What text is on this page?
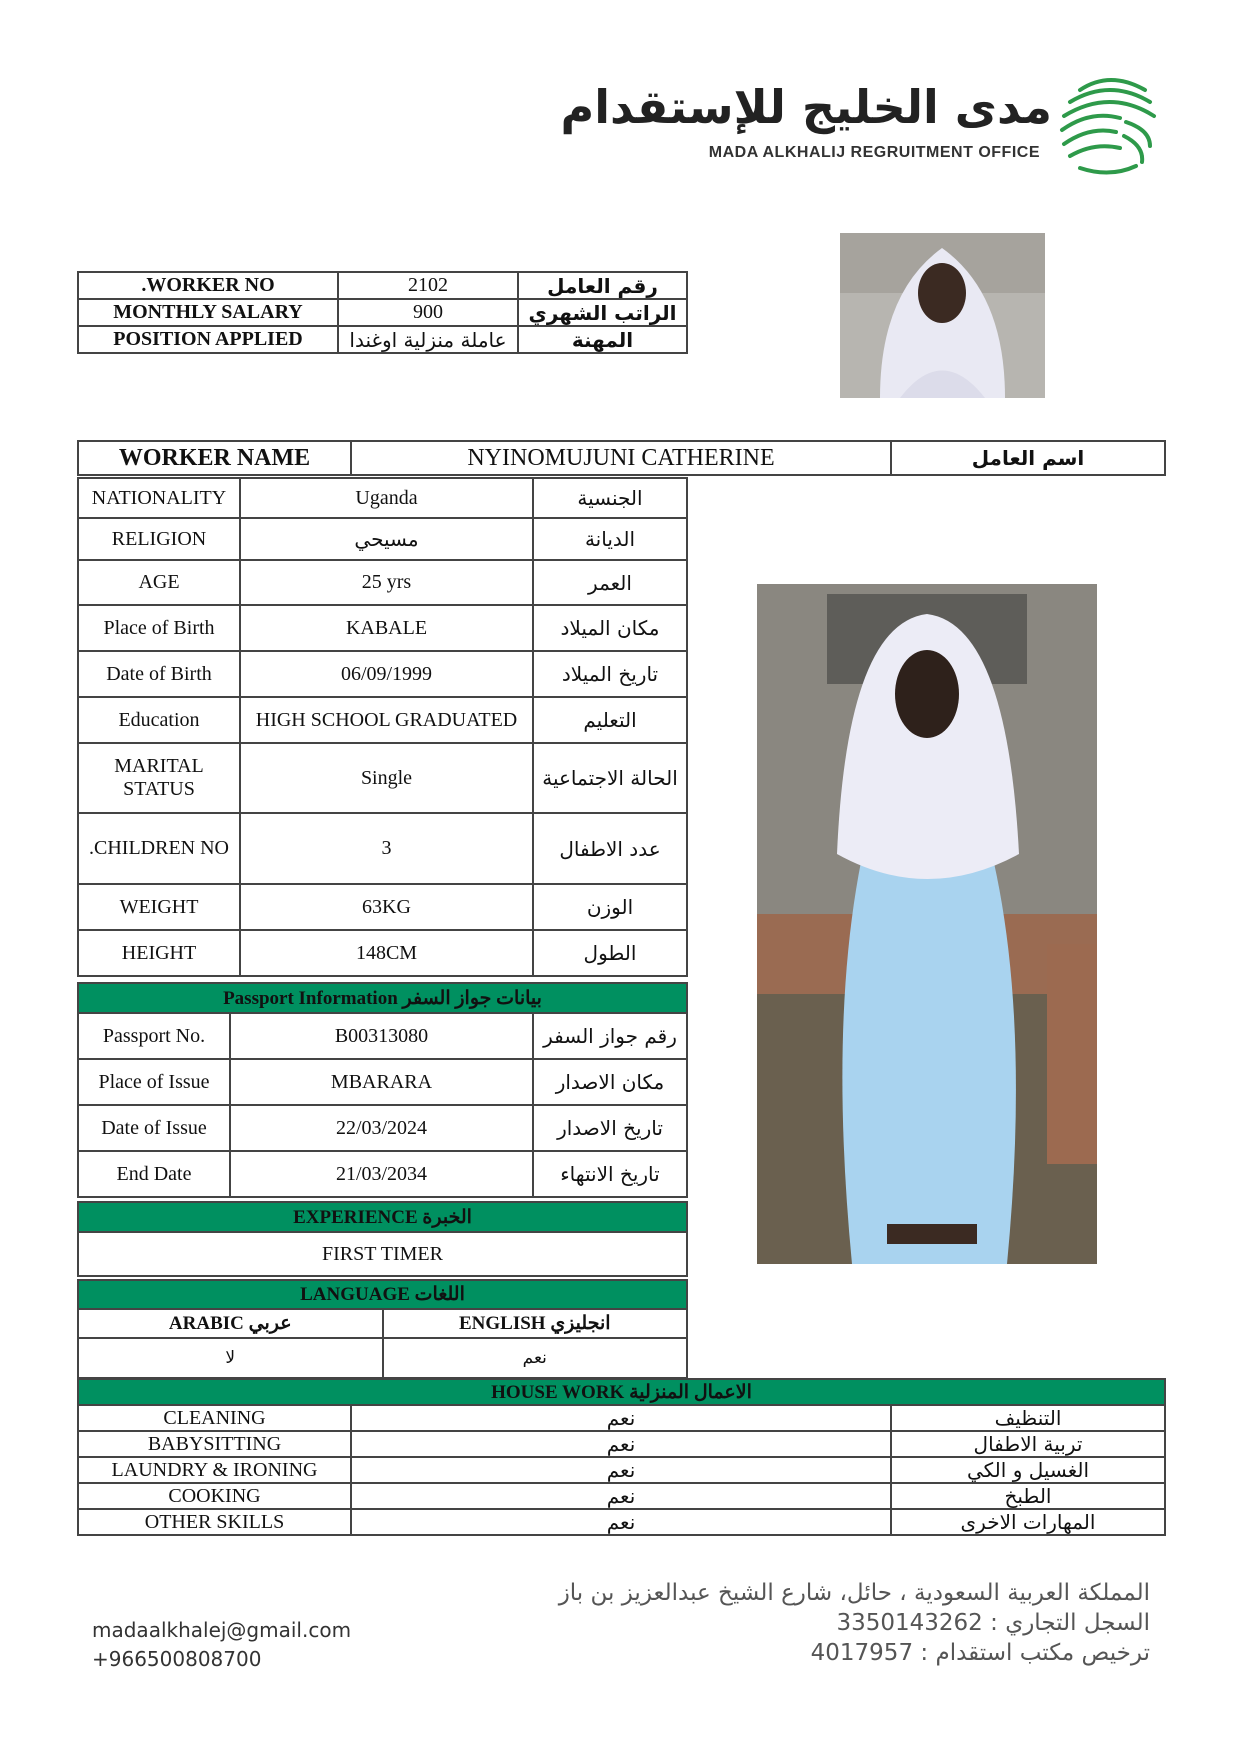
مدى الخليج للإستقدام
MADA ALKHALIJ REGRUITMENT OFFICE
.WORKER NO	2102	رقم العامل
MONTHLY SALARY	900	الراتب الشهري
POSITION APPLIED	عاملة منزلية اوغندا	المهنة
WORKER NAME	NYINOMUJUNI CATHERINE	اسم العامل
NATIONALITY	Uganda	الجنسية
RELIGION	مسيحي	الديانة
AGE	25 yrs	العمر
Place of Birth	KABALE	مكان الميلاد
Date of Birth	06/09/1999	تاريخ الميلاد
Education	HIGH SCHOOL GRADUATED	التعليم
MARITAL STATUS	Single	الحالة الاجتماعية
.CHILDREN NO	3	عدد الاطفال
WEIGHT	63KG	الوزن
HEIGHT	148CM	الطول
Passport Information بيانات جواز السفر		
Passport No.	B00313080	رقم جواز السفر
Place of Issue	MBARARA	مكان الاصدار
Date of Issue	22/03/2024	تاريخ الاصدار
End Date	21/03/2034	تاريخ الانتهاء
EXPERIENCE الخبرة
FIRST TIMER
LANGUAGE اللغات	
ARABIC عربي	ENGLISH انجليزي
لا	نعم
HOUSE WORK الاعمال المنزلية		
CLEANING	نعم	التنظيف
BABYSITTING	نعم	تربية الاطفال
LAUNDRY & IRONING	نعم	الغسيل و الكي
COOKING	نعم	الطبخ
OTHER SKILLS	نعم	المهارات الاخرى
madaalkhalej@gmail.com
+966500808700
المملكة العربية السعودية ، حائل، شارع الشيخ عبدالعزيز بن باز
السجل التجاري : 3350143262
ترخيص مكتب استقدام : 4017957
